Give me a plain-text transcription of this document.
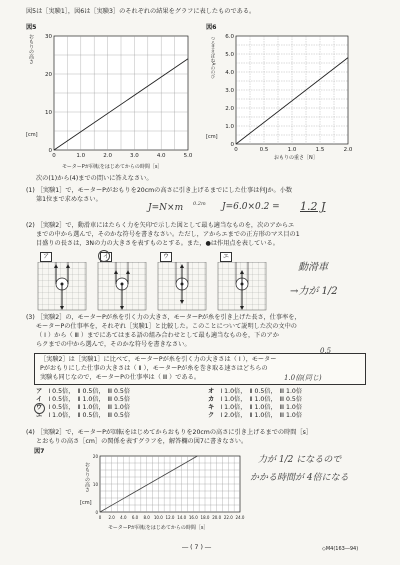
図5は［実験1］，図6は［実験3］のそれぞれの結果をグラフに表したものである。
図5
おもりの高さ
[cm]
0	1.0	2.0	3.0	4.0	5.0
0
10
20
30
モーターPが回転をはじめてからの時間［s］
図6
つるまきばねAののび
[cm]
0	0.5	1.0	1.5	2.0
0
1.0
2.0
3.0
4.0
5.0
6.0
おもりの重さ［N］
次の(1)から(4)までの問いに答えなさい。
(1) ［実験1］で，モーターPがおもりを20cmの高さに引き上げるまでにした仕事は何Jか。小数
第1位まで求めなさい。
J=N×m 0.2m J=6.0×0.2 = 1.2 J
(2) ［実験2］で，動滑車にはたらく力を矢印で示した図として最も適当なものを，次のアからエ
までの中から選んで，そのかな符号を書きなさい。ただし，アからエまでの正方形のマス目の1
目盛りの長さは，3Nの力の大きさを表すものとする。また，●は作用点を表している。
ア	イ	ウ	エ
動滑車
→力が 1/2
(3) ［実験2］の，モーターPが糸を引く力の大きさ，モーターPが糸を引き上げた長さ，仕事率を，
モーターPの仕事率を，それぞれ［実験1］と比較した。このことについて説明した次の文中の
（ Ⅰ ）から（ Ⅲ ）までにあてはまる語の組み合わせとして最も適当なものを，下のアか
らクまでの中から選んで，そのかな符号を書きなさい。
［実験2］は［実験1］に比べて，モーターPが糸を引く力の大きさは（ Ⅰ ），モーター
Pがおもりにした仕事の大きさは（ Ⅱ ），モーターPが糸を巻き取る速さはどちらの
実験も同じなので，モーターPの仕事率は（ Ⅲ ）である。
0.5
1.0倍(同じ)
ア　Ⅰ 0.5倍，　Ⅱ 0.5倍，　Ⅲ 0.5倍
イ　Ⅰ 0.5倍，　Ⅱ 1.0倍，　Ⅲ 0.5倍
ウ　Ⅰ 0.5倍，　Ⅱ 1.0倍，　Ⅲ 1.0倍
エ　Ⅰ 1.0倍，　Ⅱ 0.5倍，　Ⅲ 0.5倍
オ　Ⅰ 1.0倍，　Ⅱ 0.5倍，　Ⅲ 1.0倍
カ　Ⅰ 1.0倍，　Ⅱ 1.0倍，　Ⅲ 0.5倍
キ　Ⅰ 1.0倍，　Ⅱ 1.0倍，　Ⅲ 1.0倍
ク　Ⅰ 2.0倍，　Ⅱ 1.0倍，　Ⅲ 1.0倍
(4) ［実験2］で，モーターPが回転をはじめてからおもりを20cmの高さに引き上げるまでの時間［s］
とおもりの高さ［cm］の関係を表すグラフを，解答欄の図7に書きなさい。
力が 1/2 になるので
かかる時間が 4倍になる
図7
おもりの高さ
[cm]
0 2.0 4.0 6.0 8.0 10.0 12.0 14.0 16.0 18.0 20.0 22.0 24.0
0
10
20
モーターPが回転をはじめてからの時間［s］
― ( 7 ) ―	◇M4(163―94)
